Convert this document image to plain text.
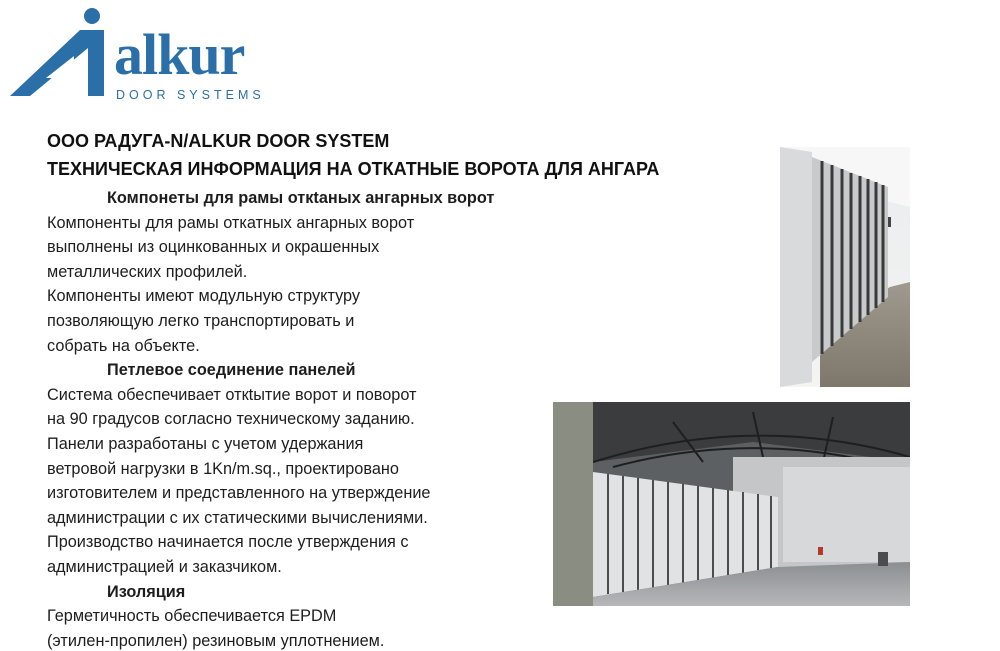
alkur
DOOR SYSTEMS
ООО РАДУГА-N/ALKUR DOOR SYSTEM
ТЕХНИЧЕСКАЯ ИНФОРМАЦИЯ НА ОТКАТНЫЕ ВОРОТА ДЛЯ АНГАРА
Компонеты для рамы откtаных ангарных ворот
Компоненты для рамы откатных ангарных ворот
выполнены из оцинкованных и окрашенных
металлических профилей.
Компоненты имеют модульную структуру
позволяющую легко транспортировать и
собрать на объекте.
Петлевое соединение панелей
Система обеспечивает откtытие ворот и поворот
на 90 градусов согласно техническому заданию.
Панели разработаны с учетом удержания
ветровой нагрузки в 1Kn/m.sq., проектировано
изготовителем и представленного на утверждение
администрации с их статическими вычислениями.
Производство начинается после утверждения с
администрацией и заказчиком.
Изоляция
Герметичность обеспечивается EPDM
(этилен-пропилен) резиновым уплотнением.
